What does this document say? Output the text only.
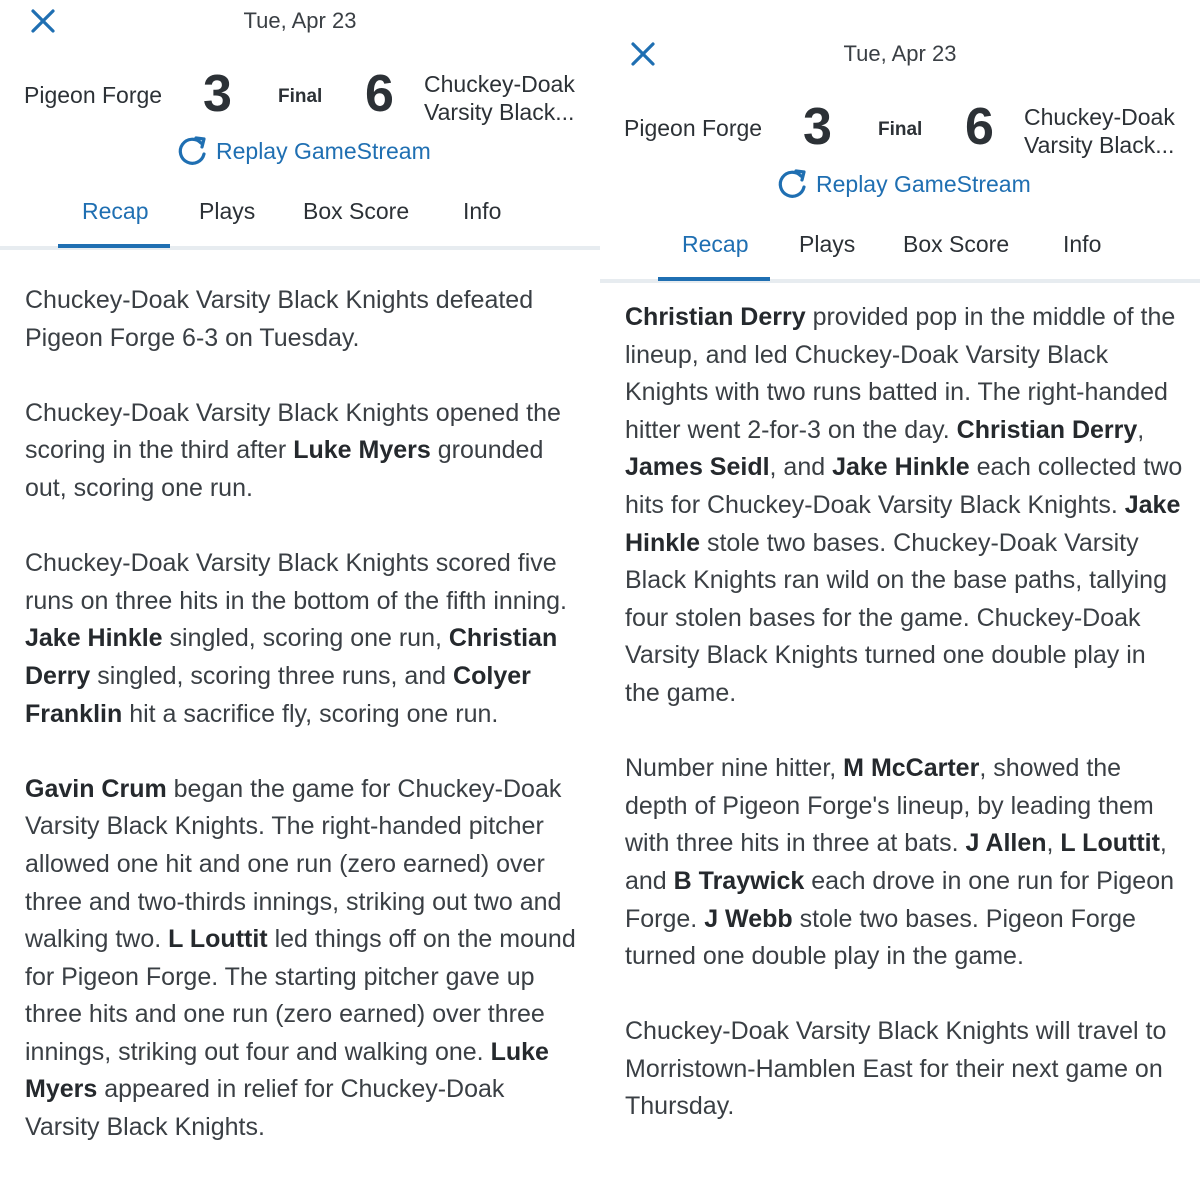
Tue, Apr 23
Pigeon Forge 3 Final 6 Chuckey-Doak
Varsity Black...
Replay GameStream
Recap Plays Box Score Info

Chuckey-Doak Varsity Black Knights defeated Pigeon Forge 6-3 on Tuesday.

Chuckey-Doak Varsity Black Knights opened the scoring in the third after Luke Myers grounded out, scoring one run.

Chuckey-Doak Varsity Black Knights scored five runs on three hits in the bottom of the fifth inning. Jake Hinkle singled, scoring one run, Christian Derry singled, scoring three runs, and Colyer Franklin hit a sacrifice fly, scoring one run.

Gavin Crum began the game for Chuckey-Doak Varsity Black Knights. The right-handed pitcher allowed one hit and one run (zero earned) over three and two-thirds innings, striking out two and walking two. L Louttit led things off on the mound for Pigeon Forge. The starting pitcher gave up three hits and one run (zero earned) over three innings, striking out four and walking one. Luke Myers appeared in relief for Chuckey-Doak Varsity Black Knights.

Tue, Apr 23
Pigeon Forge 3 Final 6 Chuckey-Doak
Varsity Black...
Replay GameStream
Recap Plays Box Score Info

Christian Derry provided pop in the middle of the lineup, and led Chuckey-Doak Varsity Black Knights with two runs batted in. The right-handed hitter went 2-for-3 on the day. Christian Derry, James Seidl, and Jake Hinkle each collected two hits for Chuckey-Doak Varsity Black Knights. Jake Hinkle stole two bases. Chuckey-Doak Varsity Black Knights ran wild on the base paths, tallying four stolen bases for the game. Chuckey-Doak Varsity Black Knights turned one double play in the game.

Number nine hitter, M McCarter, showed the depth of Pigeon Forge's lineup, by leading them with three hits in three at bats. J Allen, L Louttit, and B Traywick each drove in one run for Pigeon Forge. J Webb stole two bases. Pigeon Forge turned one double play in the game.

Chuckey-Doak Varsity Black Knights will travel to Morristown-Hamblen East for their next game on Thursday.
